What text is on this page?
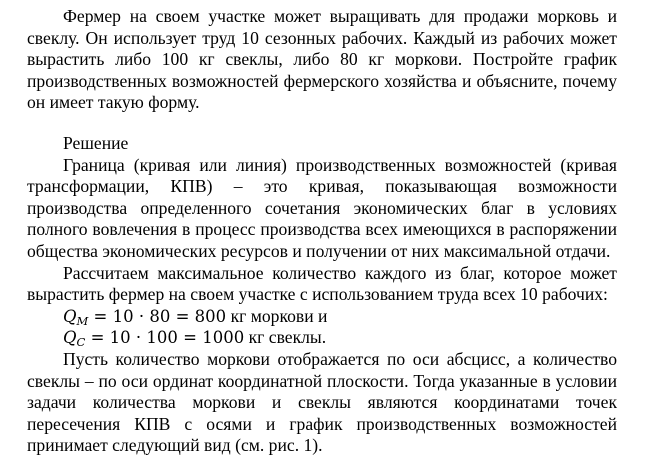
Фермер на своем участке может выращивать для продажи морковь и свеклу. Он использует труд 10 сезонных рабочих. Каждый из рабочих может вырастить либо 100 кг свеклы, либо 80 кг моркови. Постройте график производственных возможностей фермерского хозяйства и объясните, почему он имеет такую форму.

Решение

Граница (кривая или линия) производственных возможностей (кривая трансформации, КПВ) – это кривая, показывающая возможности производства определенного сочетания экономических благ в условиях полного вовлечения в процесс производства всех имеющихся в распоряжении общества экономических ресурсов и получении от них максимальной отдачи.

Рассчитаем максимальное количество каждого из благ, которое может вырастить фермер на своем участке с использованием труда всех 10 рабочих:

$Q_M = 10 \cdot 80 = 800$ кг моркови и

$Q_C = 10 \cdot 100 = 1000$ кг свеклы.

Пусть количество моркови отображается по оси абсцисс, а количество свеклы – по оси ординат координатной плоскости. Тогда указанные в условии задачи количества моркови и свеклы являются координатами точек пересечения КПВ с осями и график производственных возможностей принимает следующий вид (см. рис. 1).
